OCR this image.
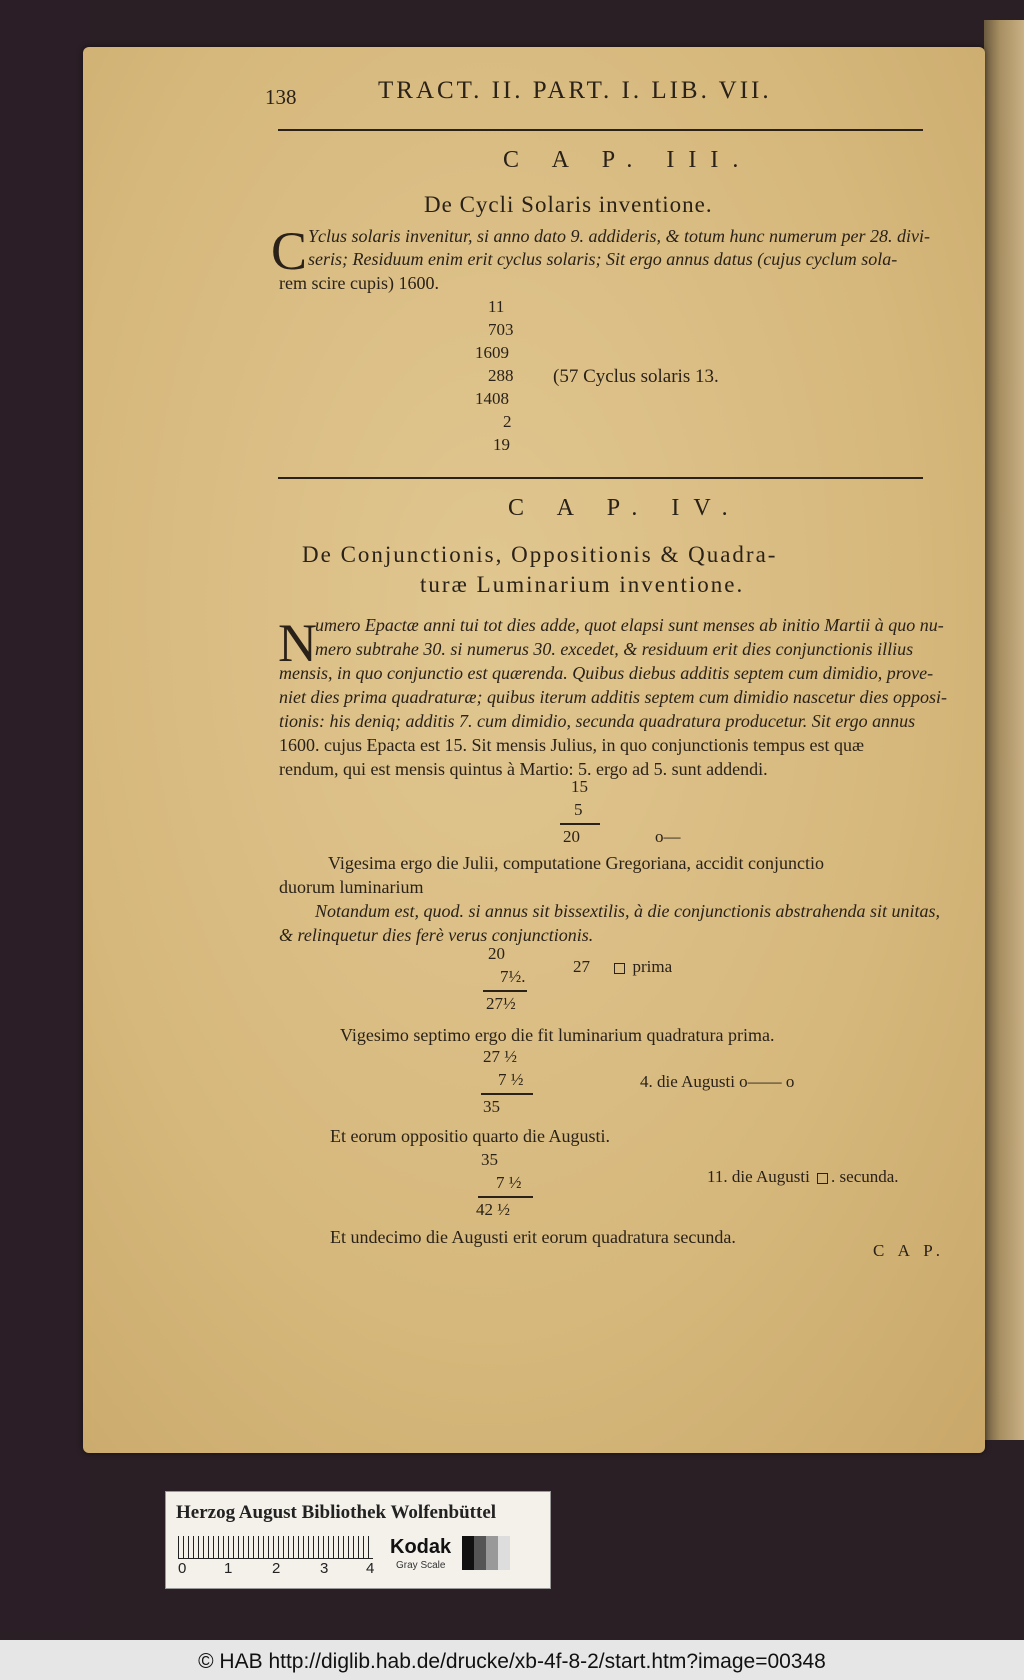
138	TRACT. II. PART. I. LIB. VII.
C A P. III.
De Cycli Solaris inventione.
C Yclus solaris invenitur, si anno dato 9. addideris, & totum hunc numerum per 28. divi-
seris; Residuum enim erit cyclus solaris; Sit ergo annus datus (cujus cyclum sola-
rem scire cupis) 1600.
11
703
1609
288
1408
2
19
(57 Cyclus solaris 13.
C A P. IV.
De Conjunctionis, Oppositionis & Quadra-
turæ Luminarium inventione.
N
umero Epactæ anni tui tot dies adde, quot elapsi sunt menses ab initio Martii à quo nu-
mero subtrahe 30. si numerus 30. excedet, & residuum erit dies conjunctionis illius
mensis, in quo conjunctio est quærenda. Quibus diebus additis septem cum dimidio, prove-
niet dies prima quadraturæ; quibus iterum additis septem cum dimidio nascetur dies opposi-
tionis: his deniq; additis 7. cum dimidio, secunda quadratura producetur. Sit ergo annus
1600. cujus Epacta est 15. Sit mensis Julius, in quo conjunctionis tempus est quæ
rendum, qui est mensis quintus à Martio: 5. ergo ad 5. sunt addendi.
15
5
20	o—
Vigesima ergo die Julii, computatione Gregoriana, accidit conjunctio
duorum luminarium
Notandum est, quod. si annus sit bissextilis, à die conjunctionis abstrahenda sit unitas,
& relinquetur dies ferè verus conjunctionis.
20
7½.
27½
27	prima
Vigesimo septimo ergo die fit luminarium quadratura prima.
27 ½
7 ½
35
4. die Augusti o—— o
Et eorum oppositio quarto die Augusti.
35
7 ½
42 ½
11. die Augusti . secunda.
Et undecimo die Augusti erit eorum quadratura secunda.
C A P.
Herzog August Bibliothek Wolfenbüttel
0	1	2	3	4
Kodak
Gray Scale
© HAB http://diglib.hab.de/drucke/xb-4f-8-2/start.htm?image=00348
